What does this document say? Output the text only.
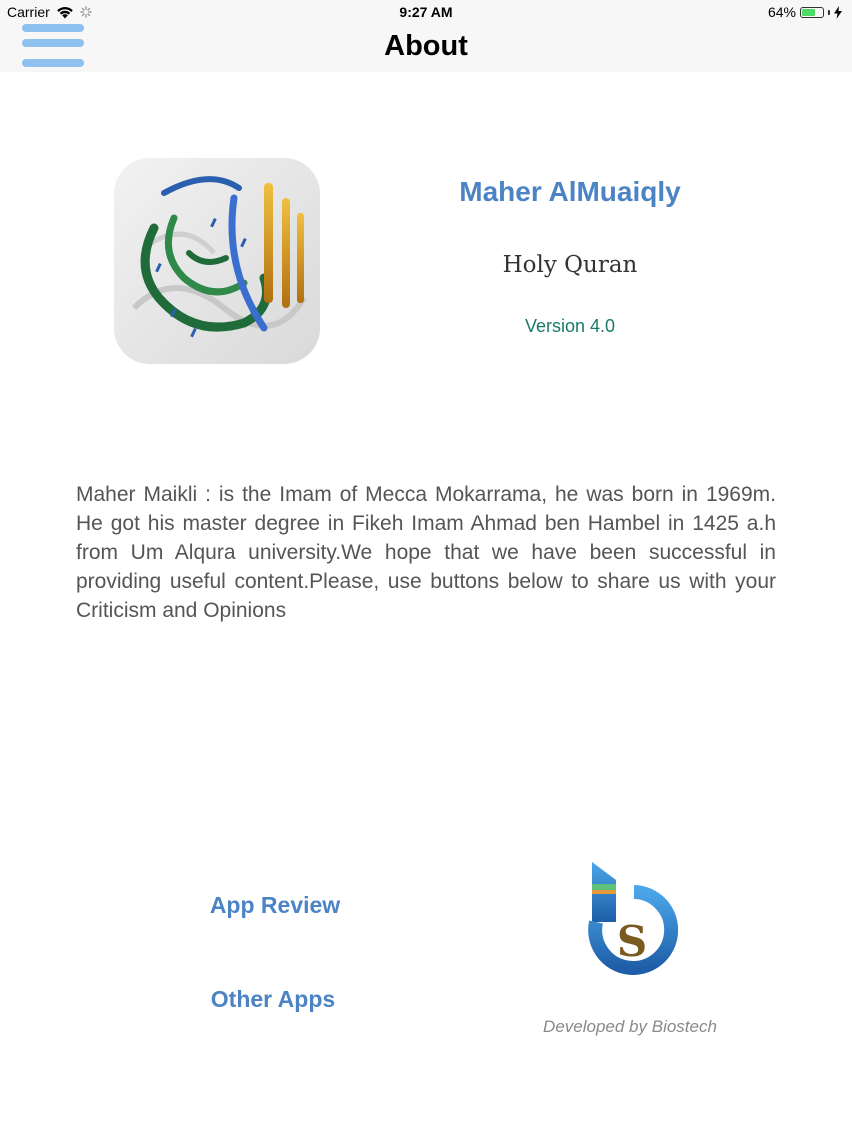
Carrier	9:27 AM	64%
About
Maher AlMuaiqly
Holy Quran
Version 4.0
Maher Maikli : is the Imam of Mecca Mokarrama, he was born in 1969m. He got his master degree in Fikeh Imam Ahmad ben Hambel in 1425 a.h from Um Alqura university.We hope that we have been successful in providing useful content.Please, use buttons below to share us with your Criticism and Opinions
App Review
Other Apps
S
Developed by Biostech
